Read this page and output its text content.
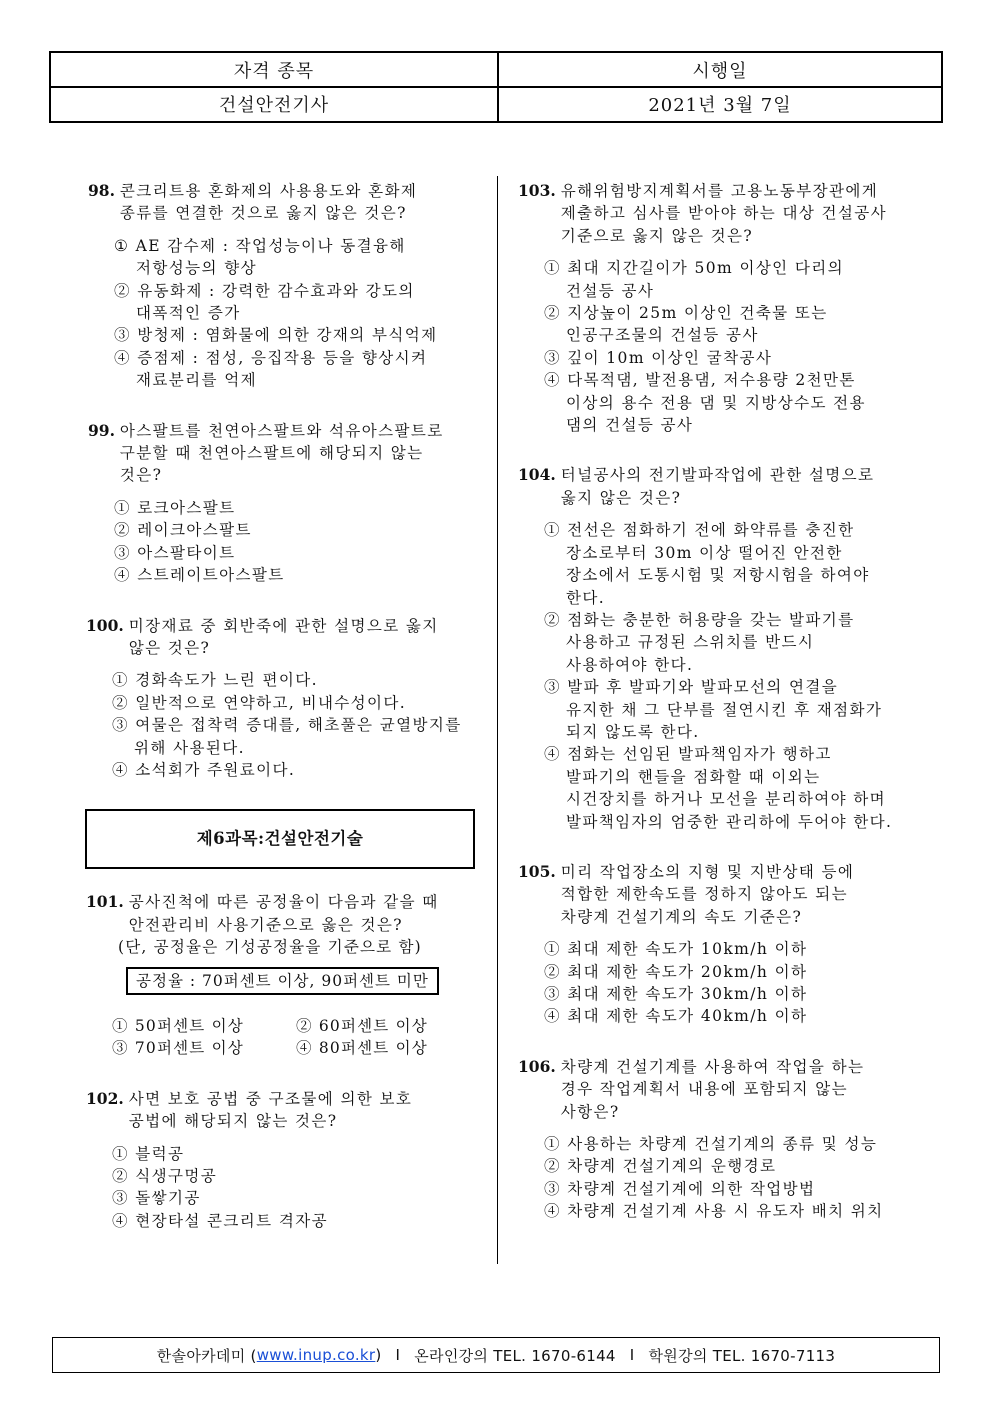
자격 종목	시행일
건설안전기사	2021년 3월 7일
98.
콘크리트용 혼화제의 사용용도와 혼화제
종류를 연결한 것으로 옳지 않은 것은?
① AE 감수제 : 작업성능이나 동결융해
저항성능의 향상
② 유동화제 : 강력한 감수효과와 강도의
대폭적인 증가
③ 방청제 : 염화물에 의한 강재의 부식억제
④ 증점제 : 점성, 응집작용 등을 향상시켜
재료분리를 억제
99.
아스팔트를 천연아스팔트와 석유아스팔트로
구분할 때 천연아스팔트에 해당되지 않는
것은?
① 로크아스팔트
② 레이크아스팔트
③ 아스팔타이트
④ 스트레이트아스팔트
100.
미장재료 중 회반죽에 관한 설명으로 옳지
않은 것은?
① 경화속도가 느린 편이다.
② 일반적으로 연약하고, 비내수성이다.
③ 여물은 접착력 증대를, 해초풀은 균열방지를
위해 사용된다.
④ 소석회가 주원료이다.
제6과목:건설안전기술
101.
공사진척에 따른 공정율이 다음과 같을 때
안전관리비 사용기준으로 옳은 것은?
(단, 공정율은 기성공정율을 기준으로 함)
공정율 : 70퍼센트 이상, 90퍼센트 미만
① 50퍼센트 이상	② 60퍼센트 이상
③ 70퍼센트 이상	④ 80퍼센트 이상
102.
사면 보호 공법 중 구조물에 의한 보호
공법에 해당되지 않는 것은?
① 블럭공
② 식생구멍공
③ 돌쌓기공
④ 현장타설 콘크리트 격자공
103.
유해위험방지계획서를 고용노동부장관에게
제출하고 심사를 받아야 하는 대상 건설공사
기준으로 옳지 않은 것은?
① 최대 지간길이가 50m 이상인 다리의
건설등 공사
② 지상높이 25m 이상인 건축물 또는
인공구조물의 건설등 공사
③ 깊이 10m 이상인 굴착공사
④ 다목적댐, 발전용댐, 저수용량 2천만톤
이상의 용수 전용 댐 및 지방상수도 전용
댐의 건설등 공사
104.
터널공사의 전기발파작업에 관한 설명으로
옳지 않은 것은?
① 전선은 점화하기 전에 화약류를 충진한
장소로부터 30m 이상 떨어진 안전한
장소에서 도통시험 및 저항시험을 하여야
한다.
② 점화는 충분한 허용량을 갖는 발파기를
사용하고 규정된 스위치를 반드시
사용하여야 한다.
③ 발파 후 발파기와 발파모선의 연결을
유지한 채 그 단부를 절연시킨 후 재점화가
되지 않도록 한다.
④ 점화는 선임된 발파책임자가 행하고
발파기의 핸들을 점화할 때 이외는
시건장치를 하거나 모선을 분리하여야 하며
발파책임자의 엄중한 관리하에 두어야 한다.
105.
미리 작업장소의 지형 및 지반상태 등에
적합한 제한속도를 정하지 않아도 되는
차량계 건설기계의 속도 기준은?
① 최대 제한 속도가 10km/h 이하
② 최대 제한 속도가 20km/h 이하
③ 최대 제한 속도가 30km/h 이하
④ 최대 제한 속도가 40km/h 이하
106.
차량계 건설기계를 사용하여 작업을 하는
경우 작업계획서 내용에 포함되지 않는
사항은?
① 사용하는 차량계 건설기계의 종류 및 성능
② 차량계 건설기계의 운행경로
③ 차량계 건설기계에 의한 작업방법
④ 차량계 건설기계 사용 시 유도자 배치 위치
한솔아카데미 ( www.inup.co.kr ) I 온라인강의 TEL. 1670-6144 I 학원강의 TEL. 1670-7113
